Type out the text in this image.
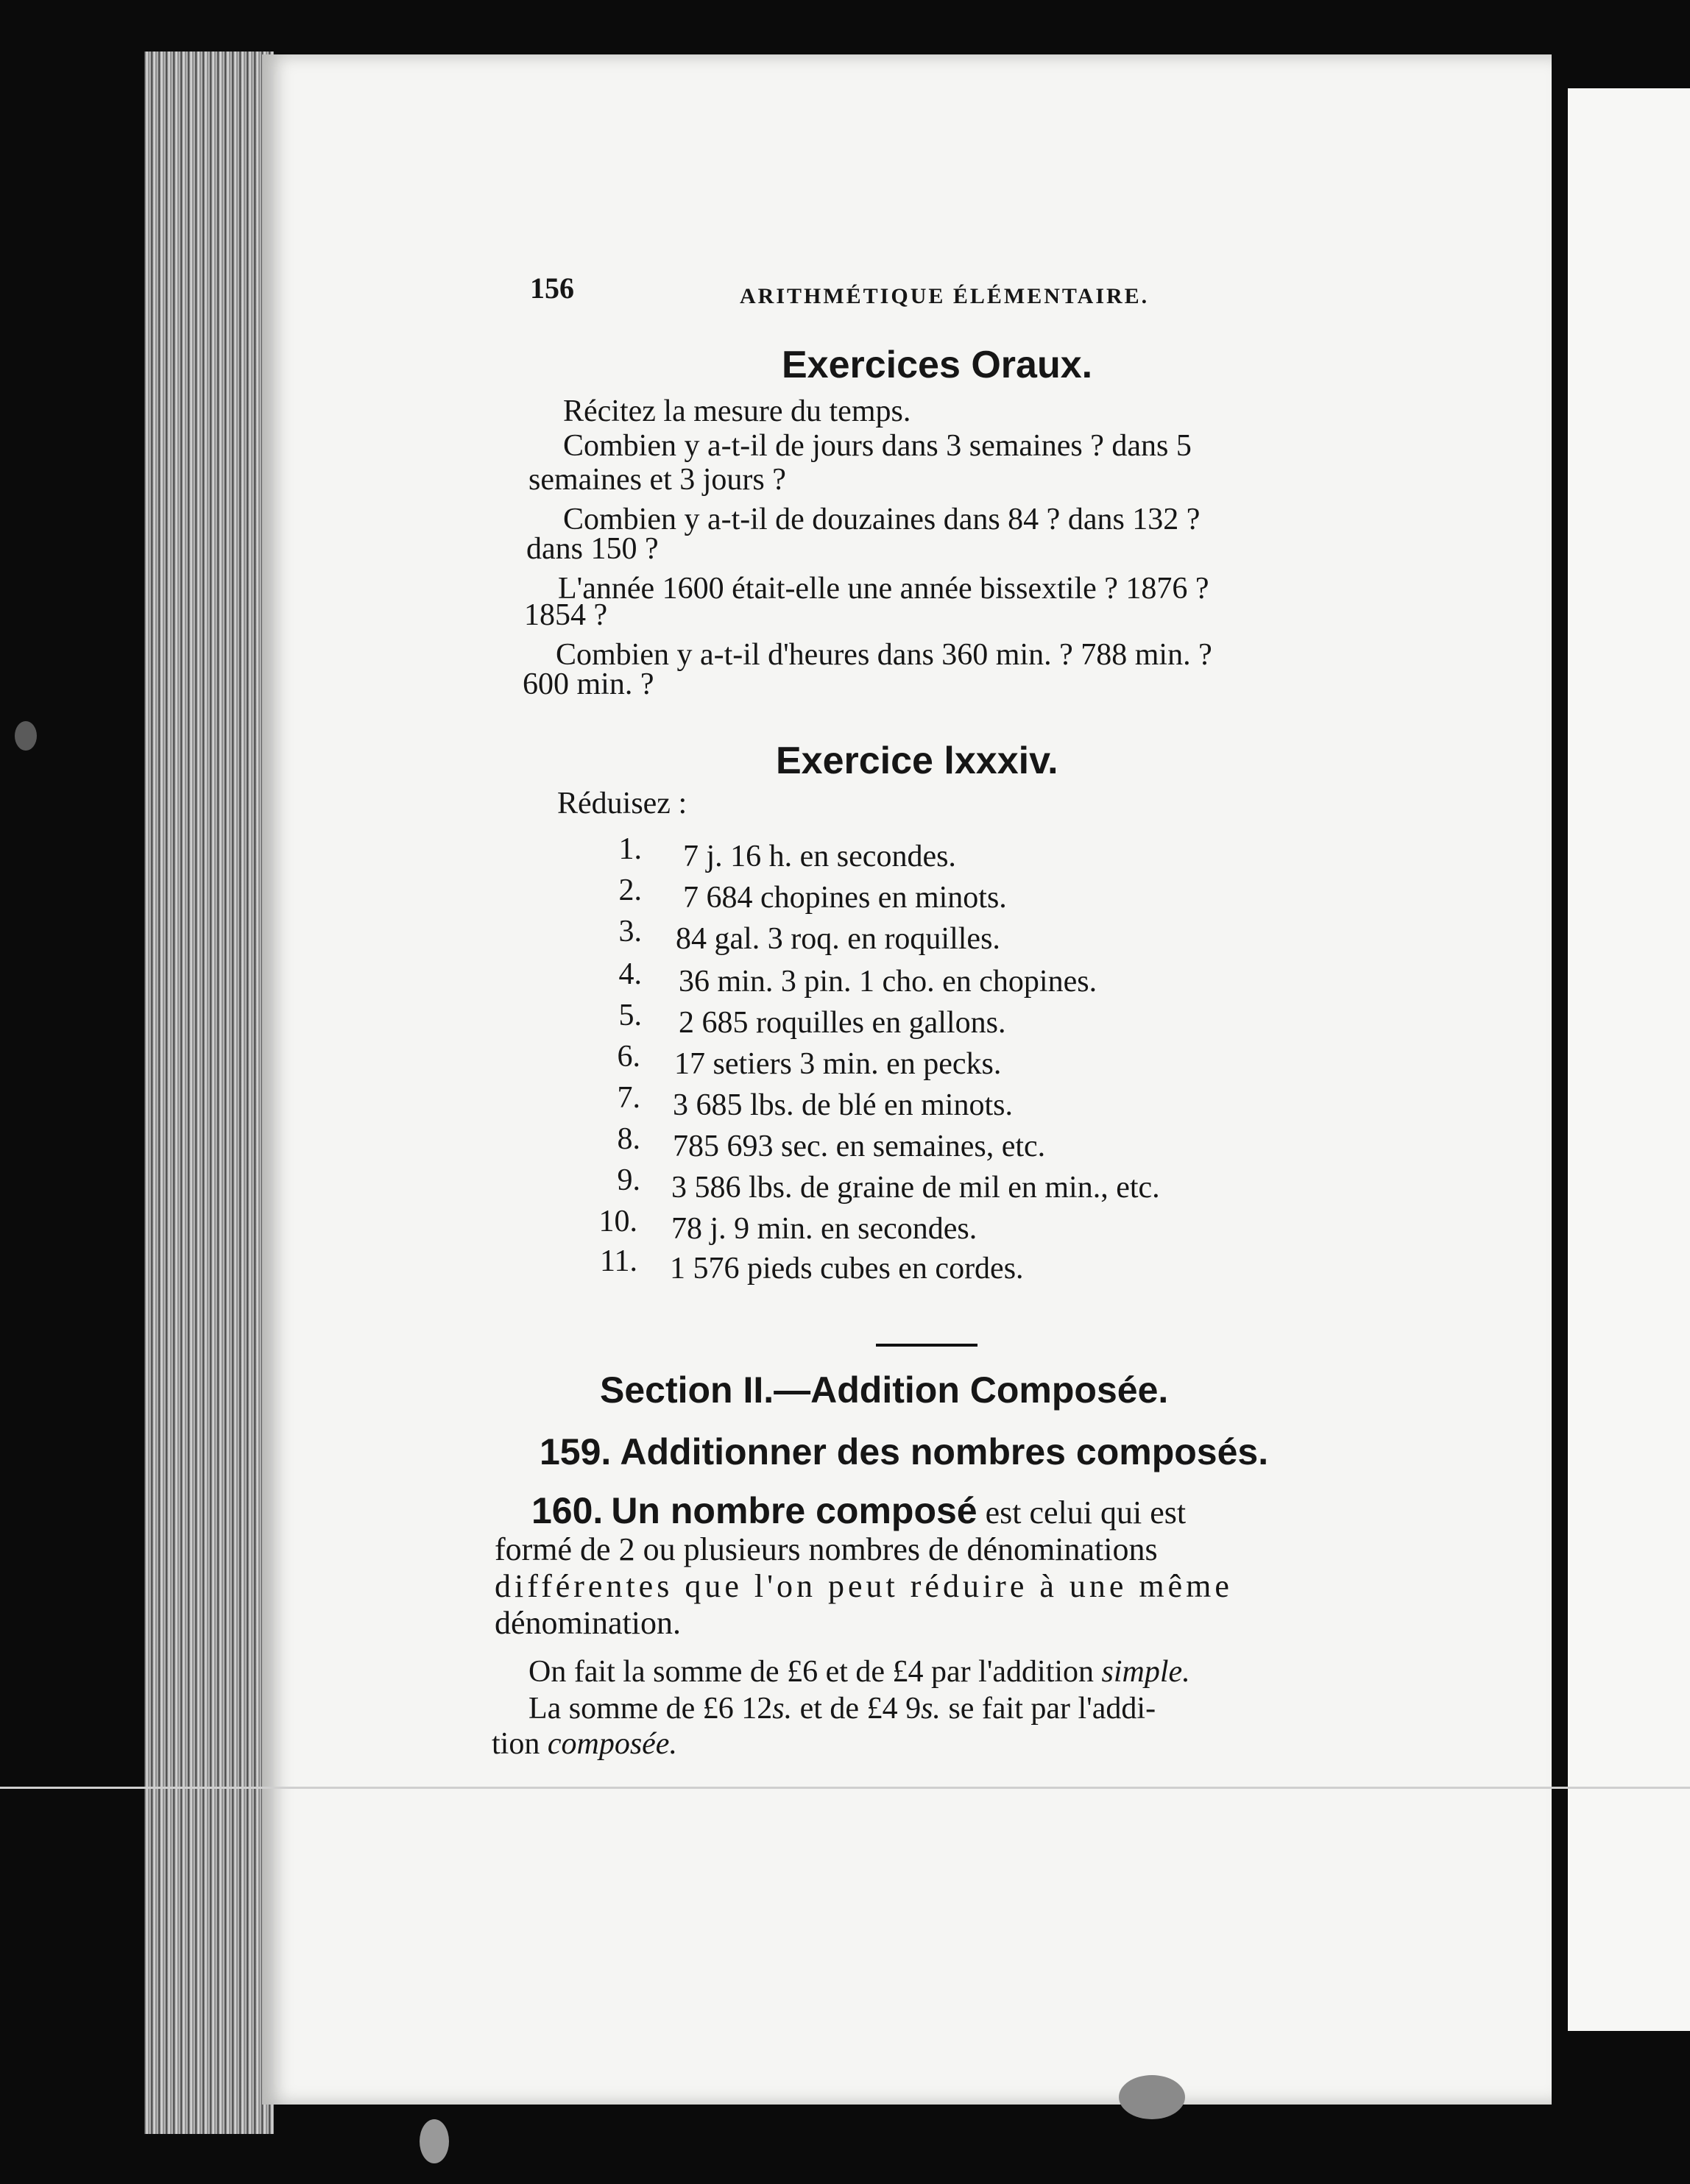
156	ARITHMÉTIQUE ÉLÉMENTAIRE.
Exercices Oraux.
Récitez la mesure du temps.
Combien y a-t-il de jours dans 3 semaines ? dans 5
semaines et 3 jours ?
Combien y a-t-il de douzaines dans 84 ? dans 132 ?
dans 150 ?
L'année 1600 était-elle une année bissextile ? 1876 ?
1854 ?
Combien y a-t-il d'heures dans 360 min. ? 788 min. ?
600 min. ?
Exercice lxxxiv.
Réduisez :
1. 7 j. 16 h. en secondes.
2. 7 684 chopines en minots.
3. 84 gal. 3 roq. en roquilles.
4. 36 min. 3 pin. 1 cho. en chopines.
5. 2 685 roquilles en gallons.
6. 17 setiers 3 min. en pecks.
7. 3 685 lbs. de blé en minots.
8. 785 693 sec. en semaines, etc.
9. 3 586 lbs. de graine de mil en min., etc.
10. 78 j. 9 min. en secondes.
11. 1 576 pieds cubes en cordes.
Section II.—Addition Composée.
159. Additionner des nombres composés.
160. Un nombre composé est celui qui est
formé de 2 ou plusieurs nombres de dénominations
différentes que l'on peut réduire à une même
dénomination.
On fait la somme de £6 et de £4 par l'addition simple.
La somme de £6 12s. et de £4 9s. se fait par l'addi-
tion composée.
